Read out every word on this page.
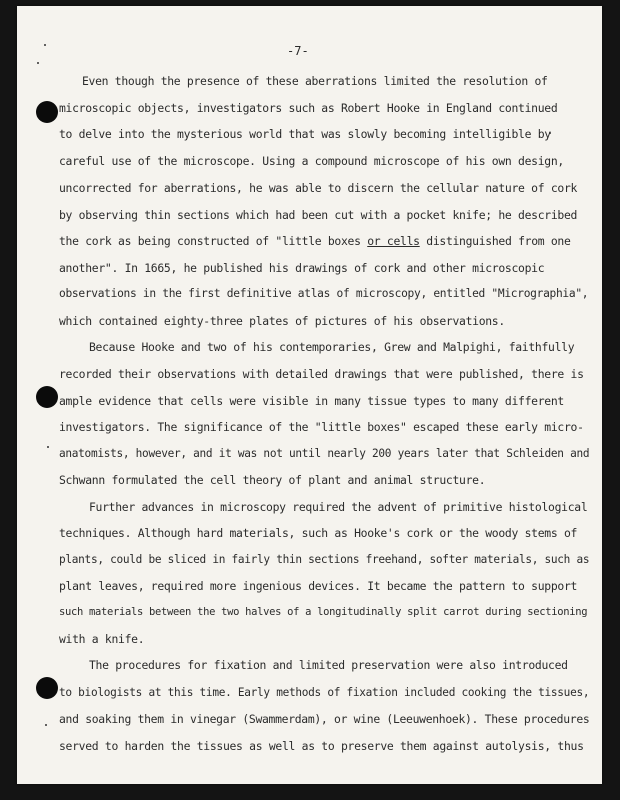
-7-
Even though the presence of these aberrations limited the resolution of
microscopic objects, investigators such as Robert Hooke in England continued
to delve into the mysterious world that was slowly becoming intelligible by
careful use of the microscope. Using a compound microscope of his own design,
uncorrected for aberrations, he was able to discern the cellular nature of cork
by observing thin sections which had been cut with a pocket knife; he described
the cork as being constructed of "little boxes or cells distinguished from one
another". In 1665, he published his drawings of cork and other microscopic
observations in the first definitive atlas of microscopy, entitled "Micrographia",
which contained eighty-three plates of pictures of his observations.
Because Hooke and two of his contemporaries, Grew and Malpighi, faithfully
recorded their observations with detailed drawings that were published, there is
ample evidence that cells were visible in many tissue types to many different
investigators. The significance of the "little boxes" escaped these early micro-
anatomists, however, and it was not until nearly 200 years later that Schleiden and
Schwann formulated the cell theory of plant and animal structure.
Further advances in microscopy required the advent of primitive histological
techniques. Although hard materials, such as Hooke's cork or the woody stems of
plants, could be sliced in fairly thin sections freehand, softer materials, such as
plant leaves, required more ingenious devices. It became the pattern to support
such materials between the two halves of a longitudinally split carrot during sectioning
with a knife.
The procedures for fixation and limited preservation were also introduced
to biologists at this time. Early methods of fixation included cooking the tissues,
and soaking them in vinegar (Swammerdam), or wine (Leeuwenhoek). These procedures
served to harden the tissues as well as to preserve them against autolysis, thus
